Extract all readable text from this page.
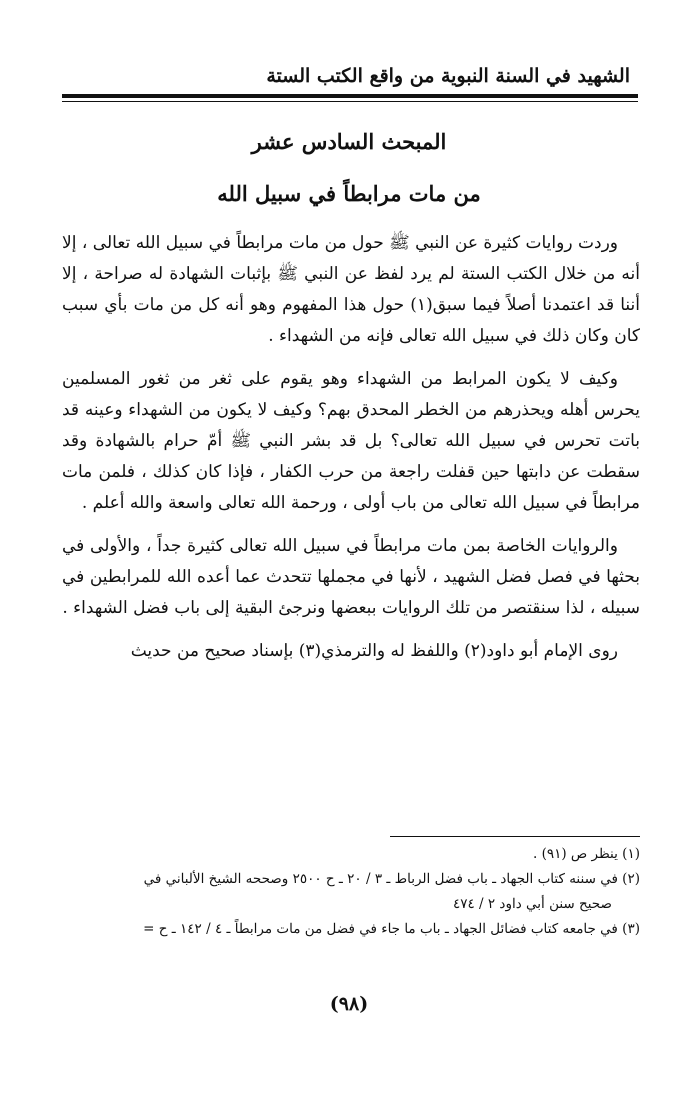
الشهيد في السنة النبوية من واقع الكتب الستة
المبحث السادس عشر
من مات مرابطاً في سبيل الله

وردت روايات كثيرة عن النبي ﷺ حول من مات مرابطاً في سبيل الله تعالى ، إلا أنه من خلال الكتب الستة لم يرد لفظ عن النبي ﷺ بإثبات الشهادة له صراحة ، إلا أننا قد اعتمدنا أصلاً فيما سبق(١) حول هذا المفهوم وهو أنه كل من مات بأي سبب كان وكان ذلك في سبيل الله تعالى فإنه من الشهداء .

وكيف لا يكون المرابط من الشهداء وهو يقوم على ثغر من ثغور المسلمين يحرس أهله ويحذرهم من الخطر المحدق بهم؟ وكيف لا يكون من الشهداء وعينه قد باتت تحرس في سبيل الله تعالى؟ بل قد بشر النبي ﷺ أمّ حرام بالشهادة وقد سقطت عن دابتها حين قفلت راجعة من حرب الكفار ، فإذا كان كذلك ، فلمن مات مرابطاً في سبيل الله تعالى من باب أولى ، ورحمة الله تعالى واسعة والله أعلم .

والروايات الخاصة بمن مات مرابطاً في سبيل الله تعالى كثيرة جداً ، والأولى في بحثها في فصل فضل الشهيد ، لأنها في مجملها تتحدث عما أعده الله للمرابطين في سبيله ، لذا سنقتصر من تلك الروايات ببعضها ونرجئ البقية إلى باب فضل الشهداء .

روى الإمام أبو داود(٢) واللفظ له والترمذي(٣) بإسناد صحيح من حديث

(١) ينظر ص (٩١) .

(٢) في سننه كتاب الجهاد ـ باب فضل الرباط ـ ٣ / ٢٠ ـ ح ٢٥٠٠ وصححه الشيخ الألباني في

صحيح سنن أبي داود ٢ / ٤٧٤

(٣) في جامعه كتاب فضائل الجهاد ـ باب ما جاء في فضل من مات مرابطاً ـ ٤ / ١٤٢ ـ ح =

(٩٨)
